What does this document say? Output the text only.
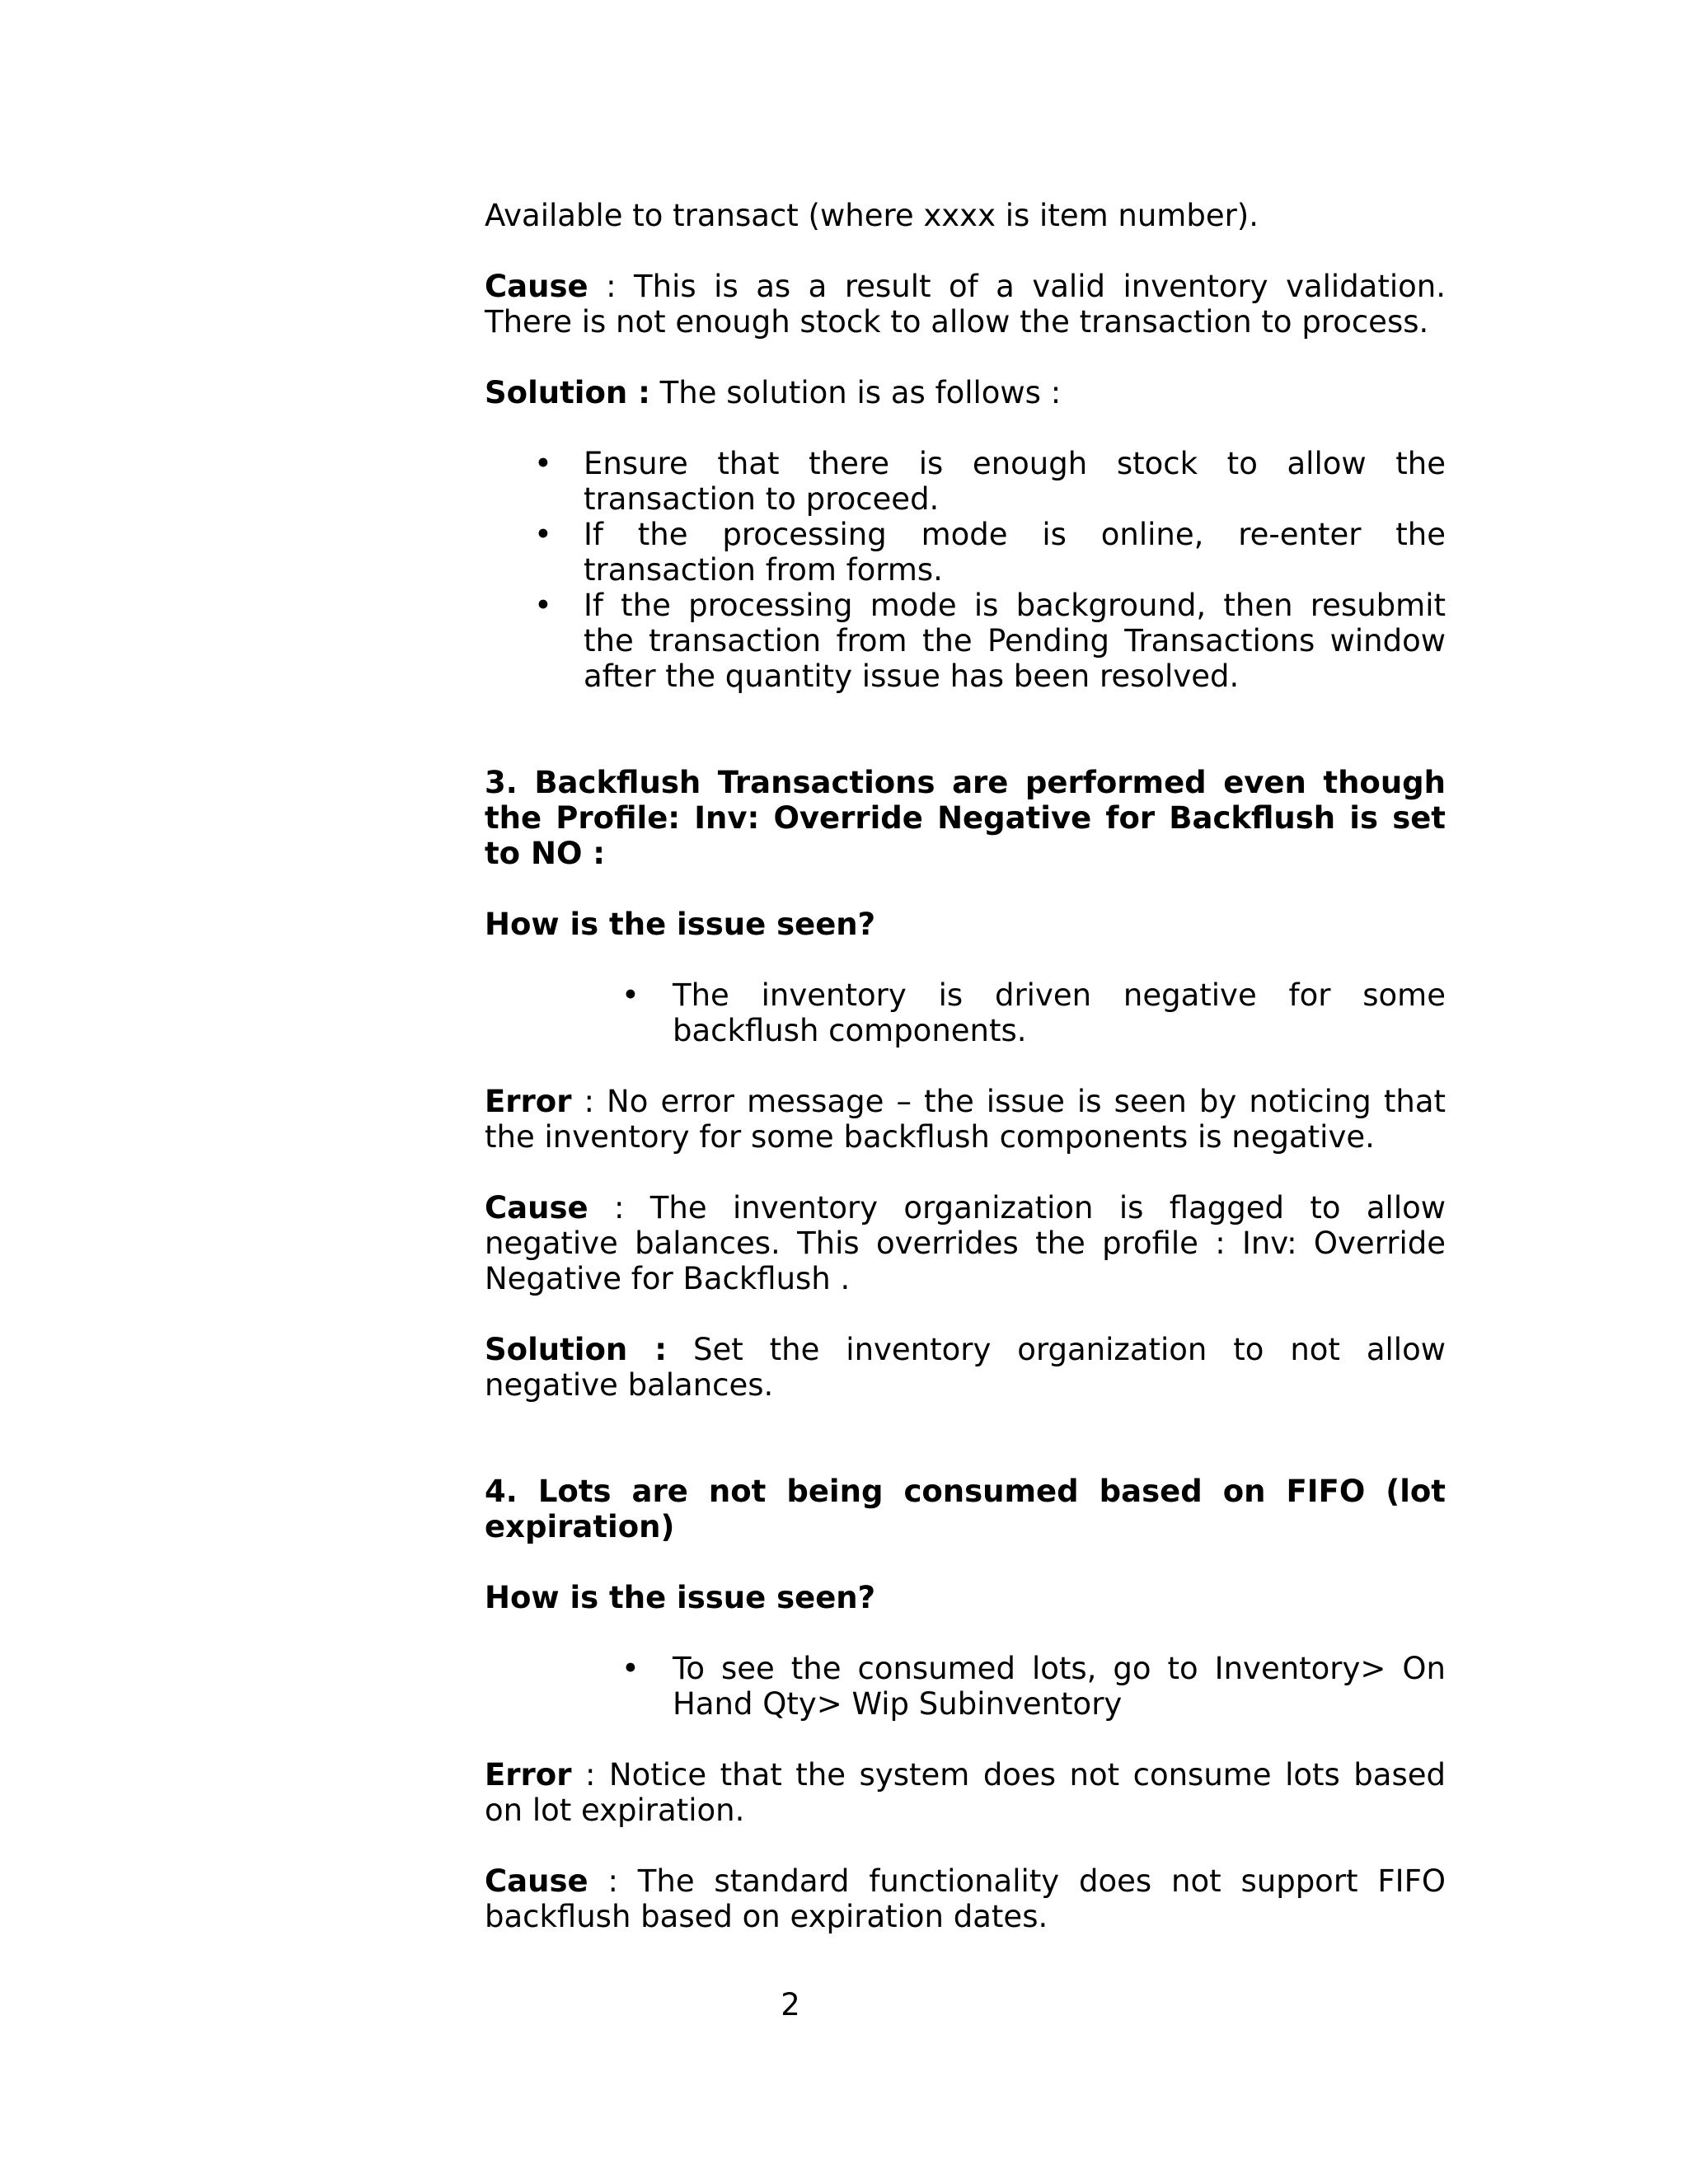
Available to transact (where xxxx is item number).

Cause : This is as a result of a valid inventory validation. There is not enough stock to allow the transaction to process.

Solution : The solution is as follows :

• Ensure that there is enough stock to allow the transaction to proceed.
• If the processing mode is online, re-enter the transaction from forms.
• If the processing mode is background, then resubmit the transaction from the Pending Transactions window after the quantity issue has been resolved.

3. Backflush Transactions are performed even though the Profile: Inv: Override Negative for Backflush is set to NO :

How is the issue seen?

• The inventory is driven negative for some backflush components.

Error : No error message – the issue is seen by noticing that the inventory for some backflush components is negative.

Cause : The inventory organization is flagged to allow negative balances. This overrides the profile : Inv: Override Negative for Backflush .

Solution : Set the inventory organization to not allow negative balances.

4. Lots are not being consumed based on FIFO (lot expiration)

How is the issue seen?

• To see the consumed lots, go to Inventory> On Hand Qty> Wip Subinventory

Error : Notice that the system does not consume lots based on lot expiration.

Cause : The standard functionality does not support FIFO backflush based on expiration dates.

2
